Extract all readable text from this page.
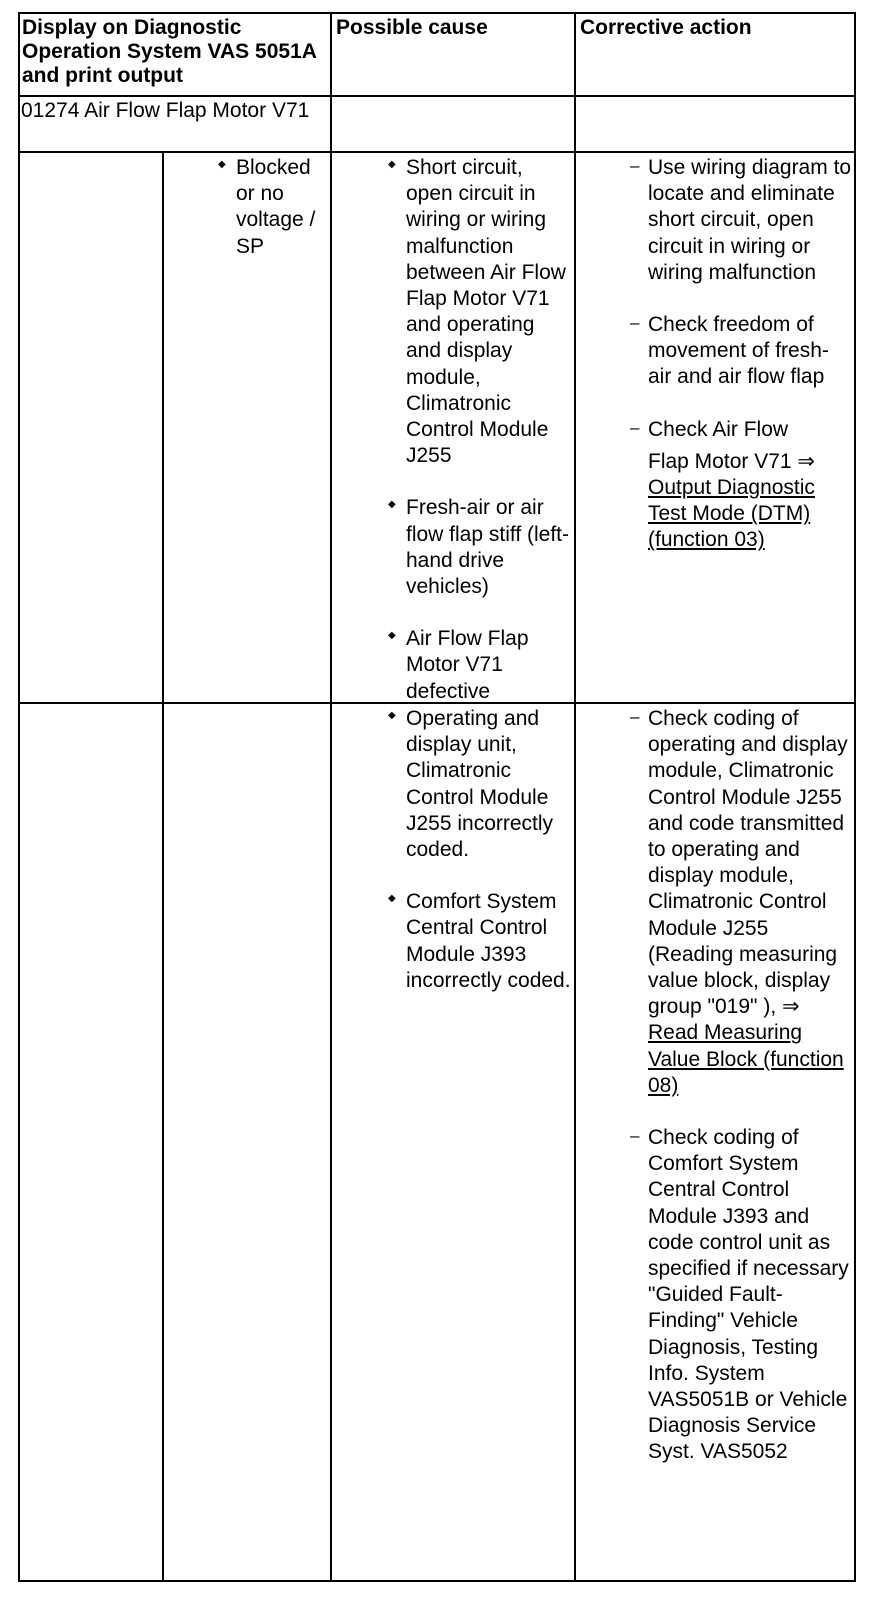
Display on Diagnostic Operation System VAS 5051A and print output
Possible cause	Corrective action
01274 Air Flow Flap Motor V71
◆ Blocked or no voltage / SP
◆ Short circuit, open circuit in wiring or wiring malfunction between Air Flow Flap Motor V71 and operating and display module, Climatronic Control Module J255
◆ Fresh-air or air flow flap stiff (left-hand drive vehicles)
◆ Air Flow Flap Motor V71 defective
– Use wiring diagram to locate and eliminate short circuit, open circuit in wiring or wiring malfunction
– Check freedom of movement of fresh-air and air flow flap
– Check Air Flow
Flap Motor V71 ⇒ Output Diagnostic Test Mode (DTM) (function 03)
◆ Operating and display unit, Climatronic Control Module J255 incorrectly coded.
◆ Comfort System Central Control Module J393 incorrectly coded.
– Check coding of operating and display module, Climatronic Control Module J255 and code transmitted to operating and display module, Climatronic Control Module J255 (Reading measuring value block, display group "019" ), ⇒ Read Measuring Value Block (function 08)
– Check coding of Comfort System Central Control Module J393 and code control unit as specified if necessary "Guided Fault-Finding" Vehicle Diagnosis, Testing Info. System VAS5051B or Vehicle Diagnosis Service Syst. VAS5052
